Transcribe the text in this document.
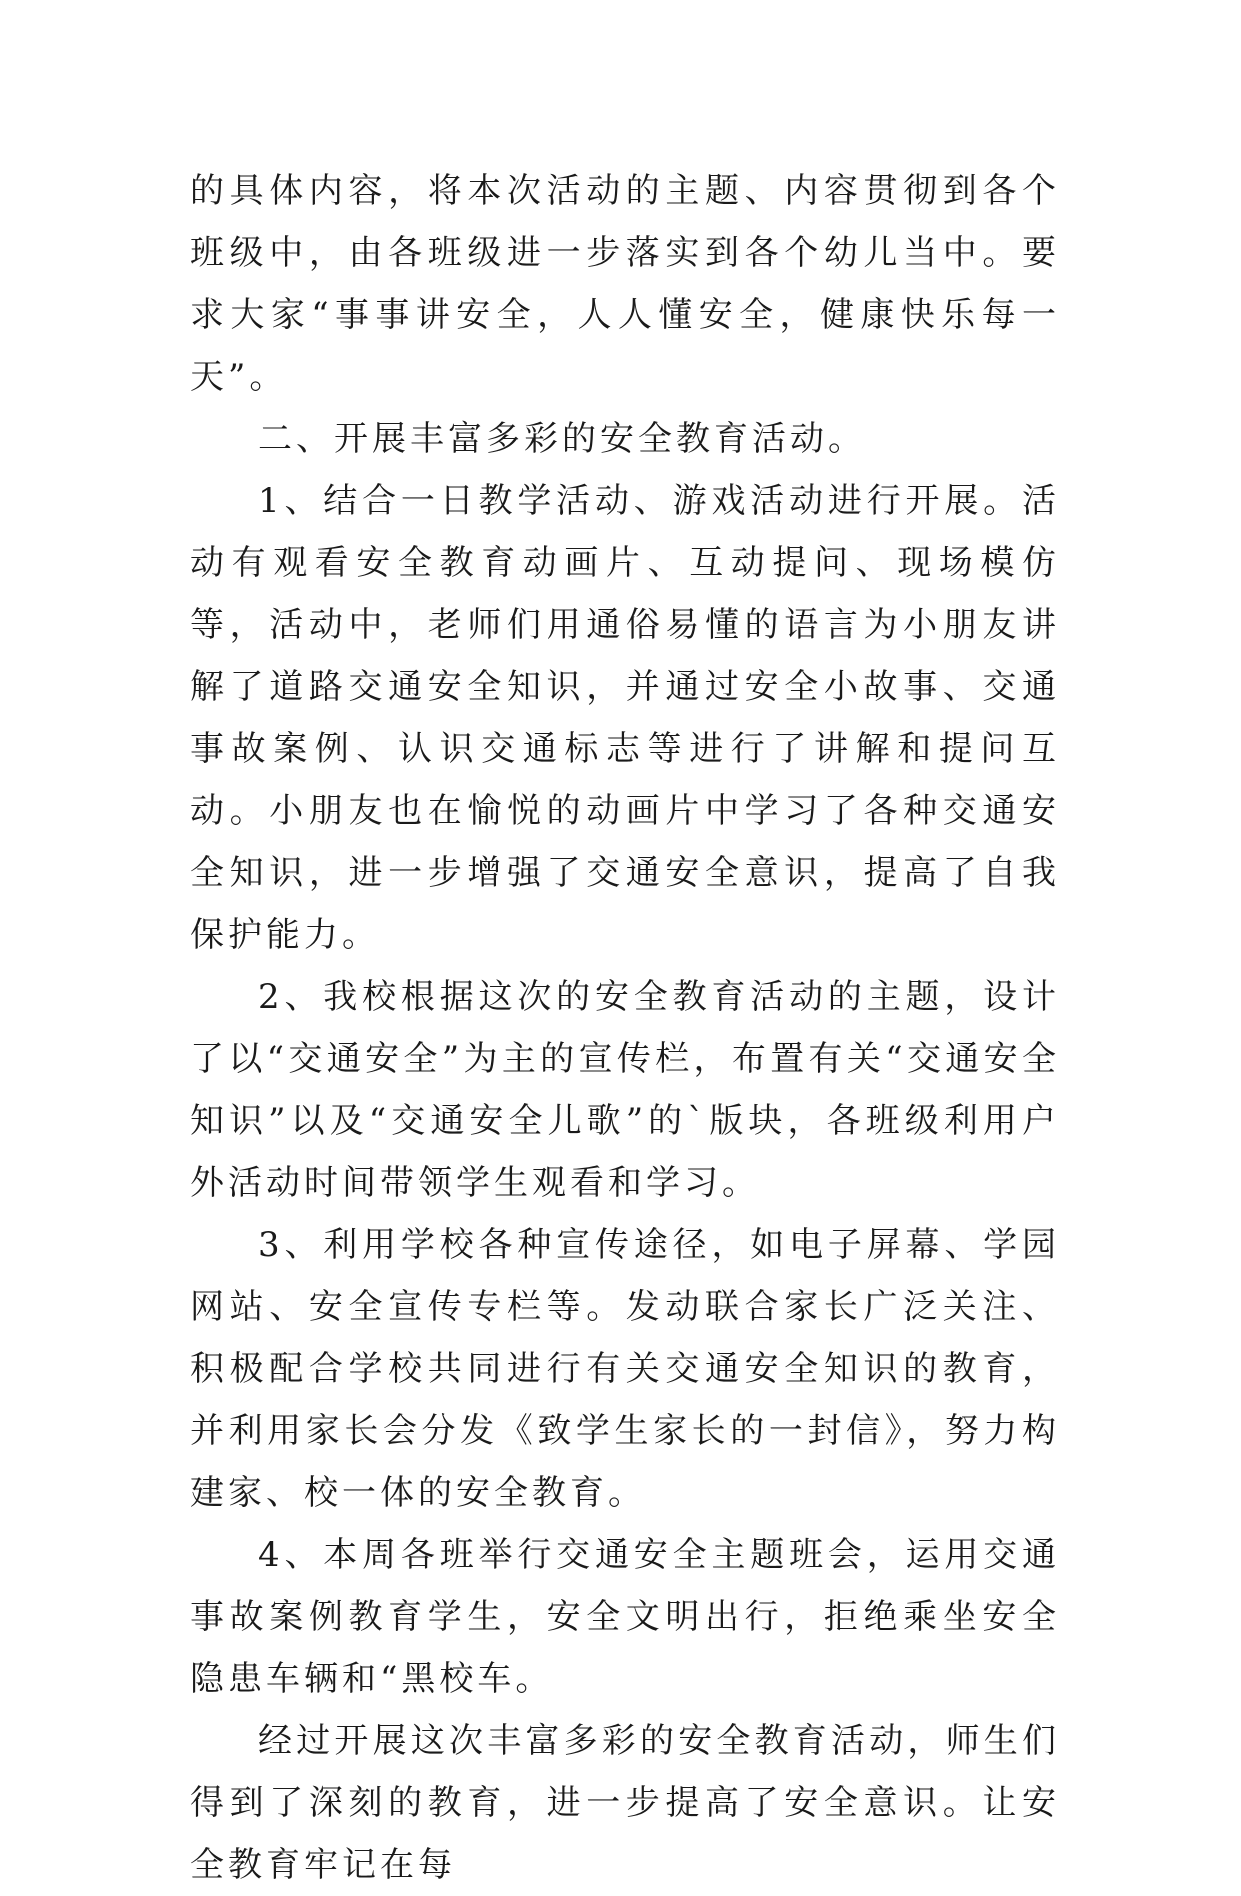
的具体内容，将本次活动的主题、内容贯彻到各个班级中，由各班级进一步落实到各个幼儿当中。要求大家“事事讲安全，人人懂安全，健康快乐每一天”。

二、开展丰富多彩的安全教育活动。

1、结合一日教学活动、游戏活动进行开展。活动有观看安全教育动画片、互动提问、现场模仿等，活动中，老师们用通俗易懂的语言为小朋友讲解了道路交通安全知识，并通过安全小故事、交通事故案例、认识交通标志等进行了讲解和提问互动。小朋友也在愉悦的动画片中学习了各种交通安全知识，进一步增强了交通安全意识，提高了自我保护能力。

2、我校根据这次的安全教育活动的主题，设计了以“交通安全”为主的宣传栏，布置有关“交通安全知识”以及“交通安全儿歌”的`版块，各班级利用户外活动时间带领学生观看和学习。

3、利用学校各种宣传途径，如电子屏幕、学园网站、安全宣传专栏等。发动联合家长广泛关注、积极配合学校共同进行有关交通安全知识的教育，并利用家长会分发《致学生家长的一封信》，努力构建家、校一体的安全教育。

4、本周各班举行交通安全主题班会，运用交通事故案例教育学生，安全文明出行，拒绝乘坐安全隐患车辆和“黑校车。

经过开展这次丰富多彩的安全教育活动，师生们得到了深刻的教育，进一步提高了安全意识。让安全教育牢记在每
